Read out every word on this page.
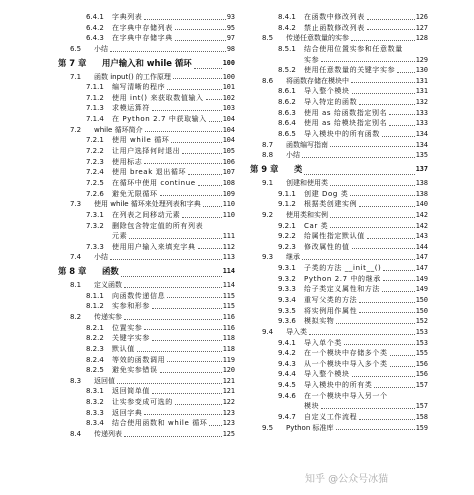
6.4.1	字典列表	93
6.4.2	在字典中存储列表	95
6.4.3	在字典中存储字典	97
6.5	小结	98
第 7 章	用户输入和 while 循环	100
7.1	函数 input() 的工作原理	100
7.1.1	编写清晰的程序	101
7.1.2	使用 int() 来获取数值输入	102
7.1.3	求模运算符	103
7.1.4	在 Python 2.7 中获取输入 104
7.2	while 循环简介	104
7.2.1	使用 while 循环	104
7.2.2	让用户选择何时退出	105
7.2.3	使用标志	106
7.2.4	使用 break 退出循环	107
7.2.5	在循环中使用 continue	108
7.2.6	避免无限循环	109
7.3	使用 while 循环来处理列表和字典	110
7.3.1	在列表之间移动元素	110
7.3.2	删除包含特定值的所有列表
元素	111
7.3.3	使用用户输入来填充字典	112
7.4	小结	113
第 8 章	函数	114
8.1	定义函数	114
8.1.1	向函数传递信息	115
8.1.2	实参和形参	115
8.2	传递实参	116
8.2.1	位置实参	116
8.2.2	关键字实参	118
8.2.3	默认值	118
8.2.4	等效的函数调用	119
8.2.5	避免实参错误	120
8.3	返回值	121
8.3.1	返回简单值	121
8.3.2	让实参变成可选的	122
8.3.3	返回字典	123
8.3.4	结合使用函数和 while 循环 123
8.4	传递列表	125
8.4.1	在函数中修改列表	126
8.4.2	禁止函数修改列表	127
8.5	传递任意数量的实参	128
8.5.1	结合使用位置实参和任意数量
实参	129
8.5.2	使用任意数量的关键字实参	130
8.6	将函数存储在模块中	131
8.6.1	导入整个模块	131
8.6.2	导入特定的函数	132
8.6.3	使用 as 给函数指定别名	133
8.6.4	使用 as 给模块指定别名	133
8.6.5	导入模块中的所有函数	134
8.7	函数编写指南	134
8.8	小结	135
第 9 章	类	137
9.1	创建和使用类	138
9.1.1	创建 Dog 类	138
9.1.2	根据类创建实例	140
9.2	使用类和实例	142
9.2.1	Car 类	142
9.2.2	给属性指定默认值	143
9.2.3	修改属性的值	144
9.3	继承	147
9.3.1	子类的方法 __init__()	147
9.3.2	Python 2.7 中的继承	149
9.3.3	给子类定义属性和方法	149
9.3.4	重写父类的方法	150
9.3.5	将实例用作属性	150
9.3.6	模拟实物	152
9.4	导入类	153
9.4.1	导入单个类	153
9.4.2	在一个模块中存储多个类	155
9.4.3	从一个模块中导入多个类	156
9.4.4	导入整个模块	156
9.4.5	导入模块中的所有类	157
9.4.6	在一个模块中导入另一个
模块	157
9.4.7	自定义工作流程	158
9.5	Python 标准库	159
知乎 @公众号冰猫
